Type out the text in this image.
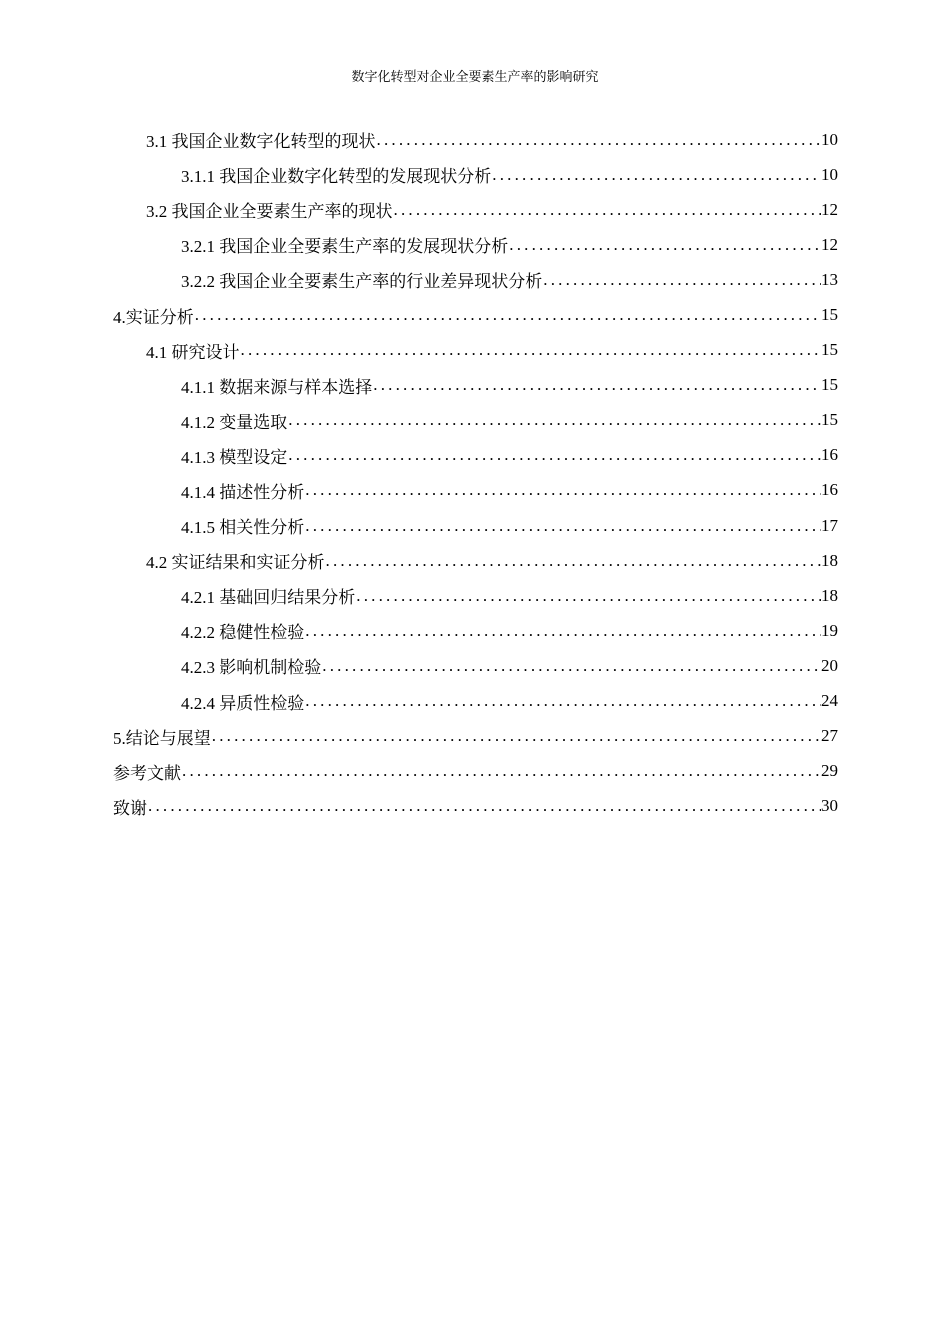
数字化转型对企业全要素生产率的影响研究
3.1 我国企业数字化转型的现状 .....	10
3.1.1 我国企业数字化转型的发展现状分析 .....	10
3.2 我国企业全要素生产率的现状 .....	12
3.2.1 我国企业全要素生产率的发展现状分析 .....	12
3.2.2 我国企业全要素生产率的行业差异现状分析 .....	13
4.实证分析 .....	15
4.1 研究设计 .....	15
4.1.1 数据来源与样本选择 .....	15
4.1.2 变量选取 .....	15
4.1.3 模型设定 .....	16
4.1.4 描述性分析 .....	16
4.1.5 相关性分析 .....	17
4.2 实证结果和实证分析 .....	18
4.2.1 基础回归结果分析 .....	18
4.2.2 稳健性检验 .....	19
4.2.3 影响机制检验 .....	20
4.2.4 异质性检验 .....	24
5.结论与展望 .....	27
参考文献 .....	29
致谢 .....	30
